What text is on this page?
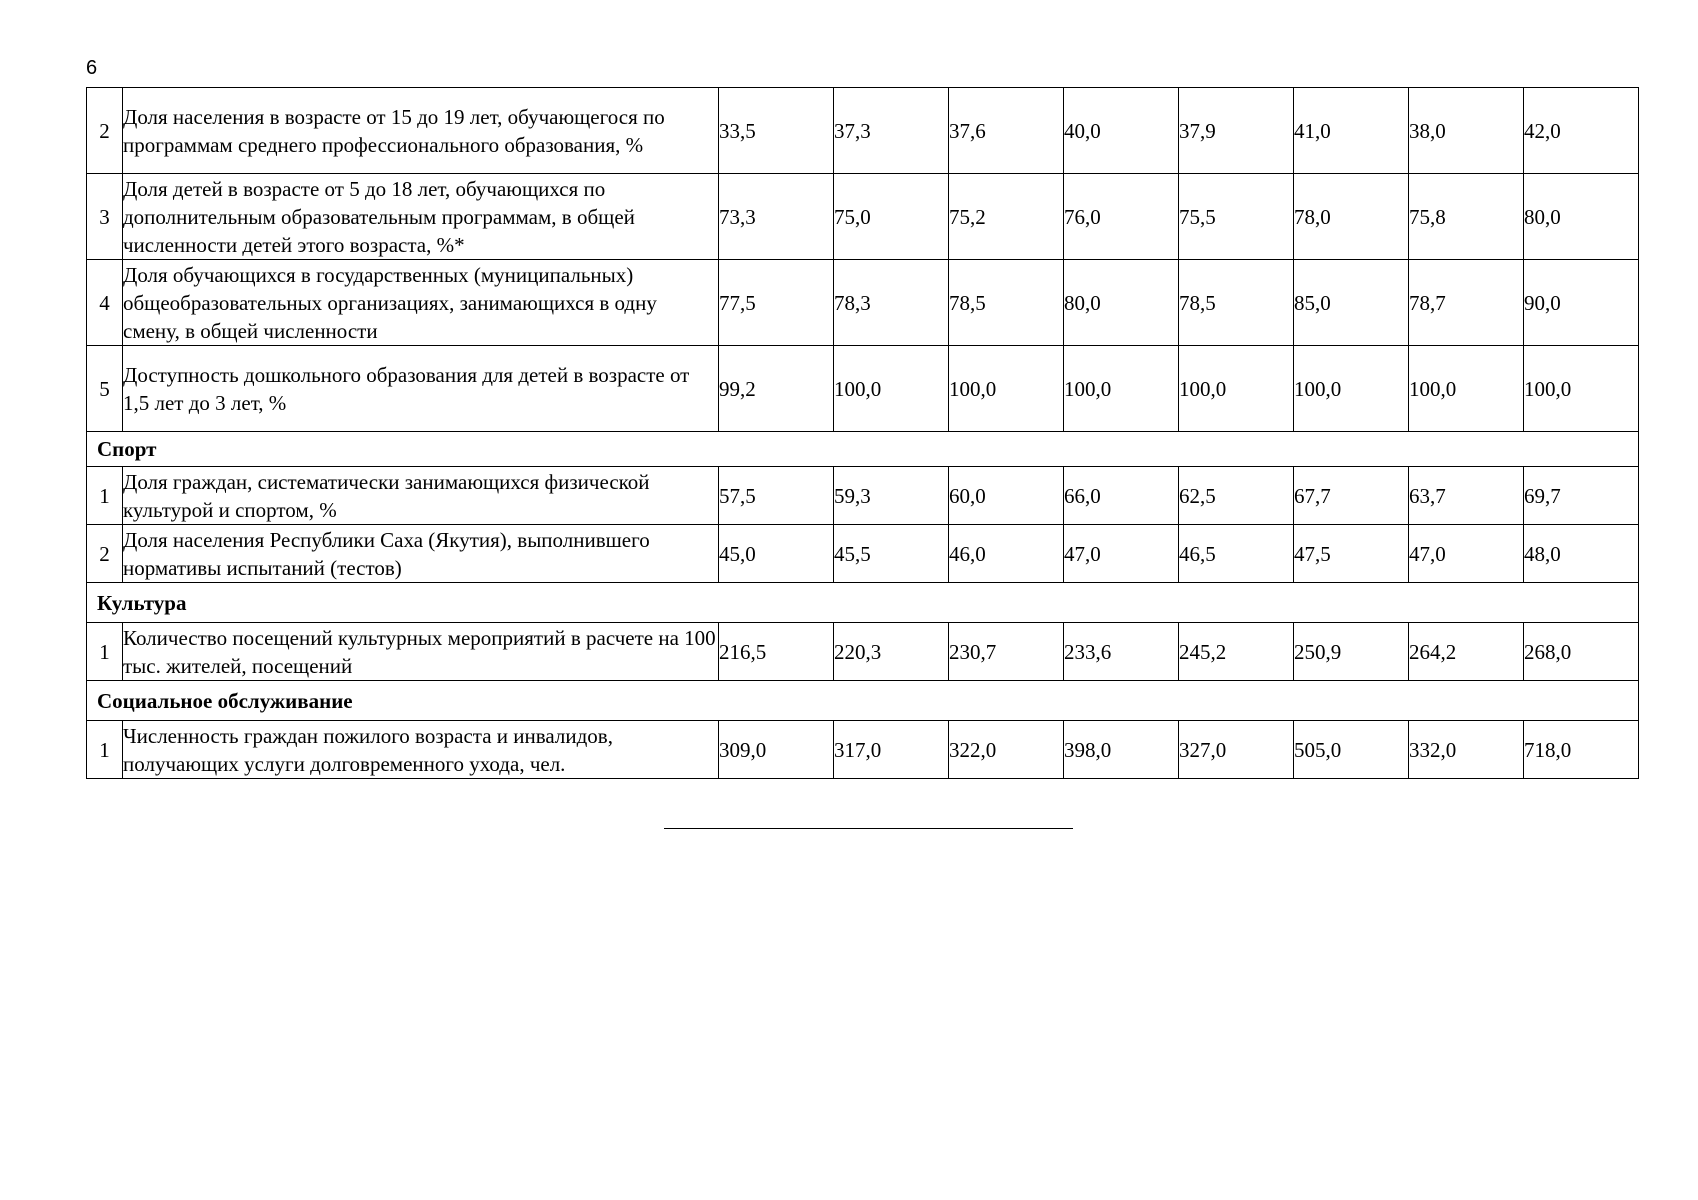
6
2	Доля населения в возрасте от 15 до 19 лет, обучающегося по программам среднего профессионального образования, %	33,5	37,3	37,6	40,0	37,9	41,0	38,0	42,0
3	Доля детей в возрасте от 5 до 18 лет, обучающихся по дополнительным образовательным программам, в общей численности детей этого возраста, %*	73,3	75,0	75,2	76,0	75,5	78,0	75,8	80,0
4	Доля обучающихся в государственных (муниципальных) общеобразовательных организациях, занимающихся в одну смену, в общей численности	77,5	78,3	78,5	80,0	78,5	85,0	78,7	90,0
5	Доступность дошкольного образования для детей в возрасте от 1,5 лет до 3 лет, %	99,2	100,0	100,0	100,0	100,0	100,0	100,0	100,0
Спорт									
1	Доля граждан, систематически занимающихся физической культурой и спортом, %	57,5	59,3	60,0	66,0	62,5	67,7	63,7	69,7
2	Доля населения Республики Саха (Якутия), выполнившего нормативы испытаний (тестов)	45,0	45,5	46,0	47,0	46,5	47,5	47,0	48,0
Культура									
1	Количество посещений культурных мероприятий в расчете на 100 тыс. жителей, посещений	216,5	220,3	230,7	233,6	245,2	250,9	264,2	268,0
Социальное обслуживание									
1	Численность граждан пожилого возраста и инвалидов, получающих услуги долговременного ухода, чел.	309,0	317,0	322,0	398,0	327,0	505,0	332,0	718,0
